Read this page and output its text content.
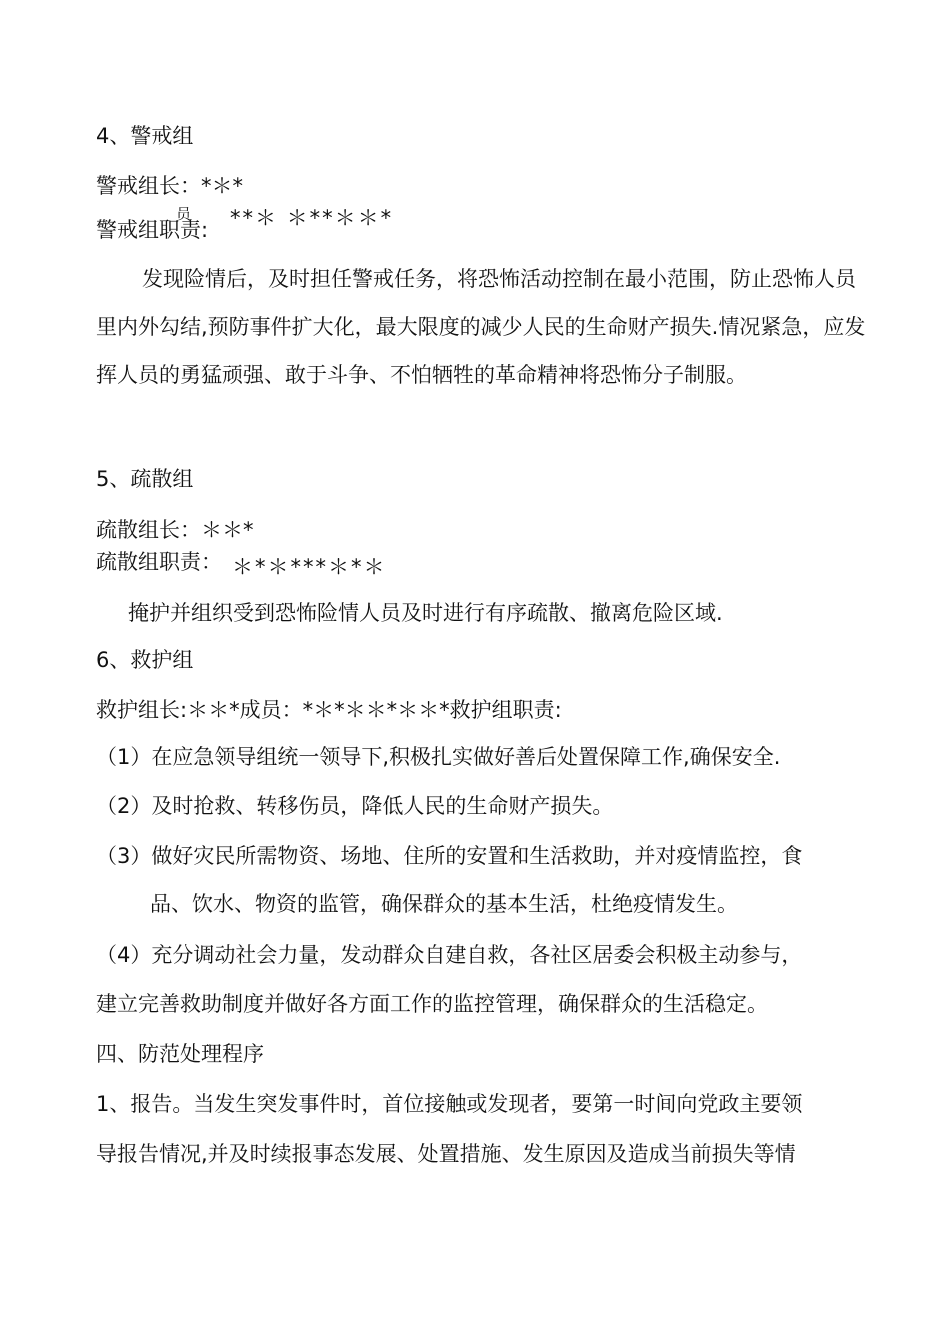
4、警戒组
警戒组长：*＊*
警戒组职责:
员 **＊ ＊**＊＊*
发现险情后，及时担任警戒任务，将恐怖活动控制在最小范围，防止恐怖人员里内外勾结,预防事件扩大化，最大限度的减少人民的生命财产损失.情况紧急，应发挥人员的勇猛顽强、敢于斗争、不怕牺牲的革命精神将恐怖分子制服。
5、疏散组
疏散组长：＊＊*
疏散组职责： ＊*＊***＊*＊
掩护并组织受到恐怖险情人员及时进行有序疏散、撤离危险区域.
6、救护组
救护组长:＊＊*成员：*＊*＊＊*＊＊*救护组职责:
（1）在应急领导组统一领导下,积极扎实做好善后处置保障工作,确保安全.
（2）及时抢救、转移伤员，降低人民的生命财产损失。
（3）做好灾民所需物资、场地、住所的安置和生活救助，并对疫情监控，食
品、饮水、物资的监管，确保群众的基本生活，杜绝疫情发生。
（4）充分调动社会力量，发动群众自建自救，各社区居委会积极主动参与，
建立完善救助制度并做好各方面工作的监控管理，确保群众的生活稳定。
四、防范处理程序
1、报告。当发生突发事件时，首位接触或发现者，要第一时间向党政主要领
导报告情况,并及时续报事态发展、处置措施、发生原因及造成当前损失等情
